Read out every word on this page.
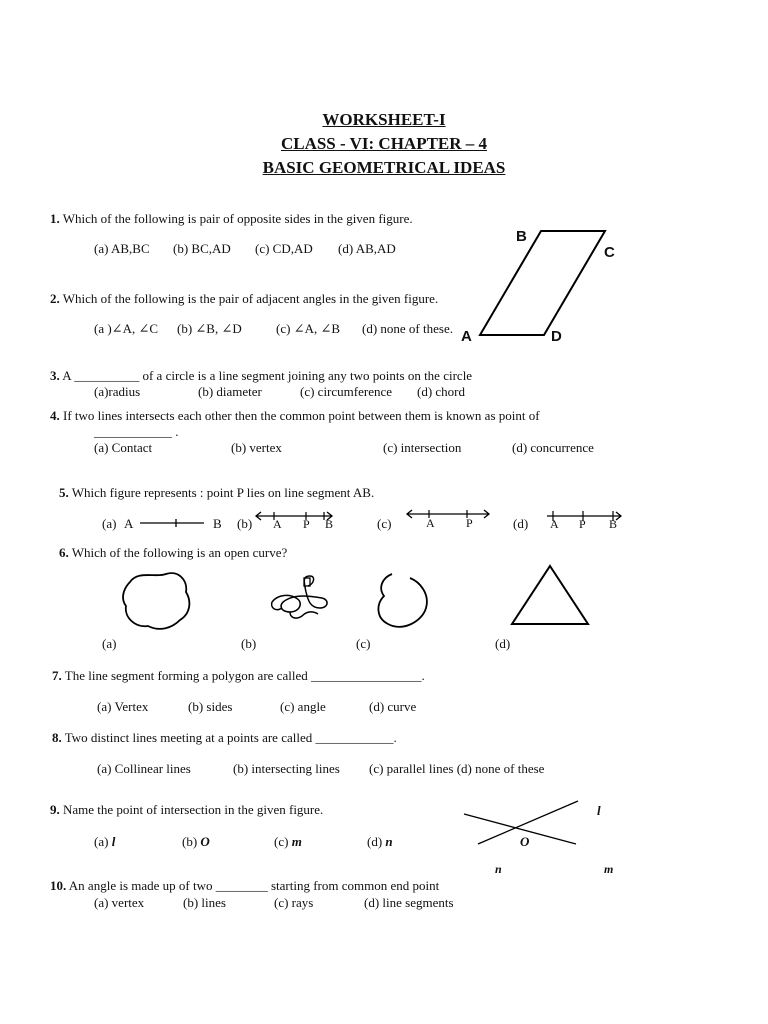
WORKSHEET-I
CLASS - VI: CHAPTER – 4
BASIC GEOMETRICAL IDEAS
1. Which of the following is pair of opposite sides in the given figure.
(a) AB,BC (b) BC,AD (c) CD,AD (d) AB,AD
B
C
A	D
2. Which of the following is the pair of adjacent angles in the given figure.
(a )∠A, ∠C (b) ∠B, ∠D	(c) ∠A, ∠B (d) none of these.
3. A __________ of a circle is a line segment joining any two points on the circle
(a)radius	(b) diameter	(c) circumference (d) chord
4. If two lines intersects each other then the common point between them is known as point of
____________ .
(a) Contact	(b) vertex	(c) intersection	(d) concurrence
5. Which figure represents : point P lies on line segment AB.
(a) A	B (b) A P B	(c)	A	P	(d) A P B
6. Which of the following is an open curve?
(a)	(b)	(c)	(d)
7. The line segment forming a polygon are called _________________.
(a) Vertex	(b) sides	(c) angle	(d) curve
8. Two distinct lines meeting at a points are called ____________.
(a) Collinear lines	(b) intersecting lines (c) parallel lines (d) none of these
9. Name the point of intersection in the given figure.
(a) l	(b) O	(c) m	(d) n	O
l
n	m
10. An angle is made up of two ________ starting from common end point
(a) vertex	(b) lines	(c) rays	(d) line segments
